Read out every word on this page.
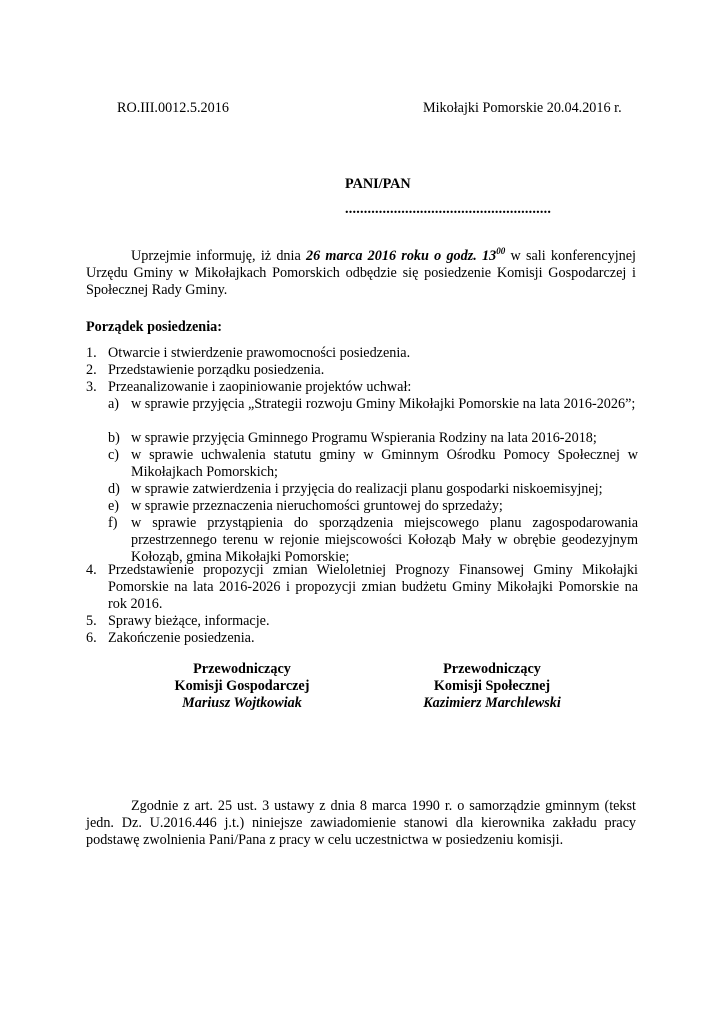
RO.III.0012.5.2016	Mikołajki Pomorskie 20.04.2016 r.
PANI/PAN
.......................................................
Uprzejmie informuję, iż dnia 26 marca 2016 roku o godz. $13^{00}$ w sali konferencyjnej Urzędu Gminy w Mikołajkach Pomorskich odbędzie się posiedzenie Komisji Gospodarczej i Społecznej Rady Gminy.
Porządek posiedzenia:
1. Otwarcie i stwierdzenie prawomocności posiedzenia.
2. Przedstawienie porządku posiedzenia.
3. Przeanalizowanie i zaopiniowanie projektów uchwał:
a) w sprawie przyjęcia „Strategii rozwoju Gminy Mikołajki Pomorskie na lata 2016-2026”;
b) w sprawie przyjęcia Gminnego Programu Wspierania Rodziny na lata 2016-2018;
c) w sprawie uchwalenia statutu gminy w Gminnym Ośrodku Pomocy Społecznej w Mikołajkach Pomorskich;
d) w sprawie zatwierdzenia i przyjęcia do realizacji planu gospodarki niskoemisyjnej;
e) w sprawie przeznaczenia nieruchomości gruntowej do sprzedaży;
f) w sprawie przystąpienia do sporządzenia miejscowego planu zagospodarowania przestrzennego terenu w rejonie miejscowości Kołoząb Mały w obrębie geodezyjnym Kołoząb, gmina Mikołajki Pomorskie;
4. Przedstawienie propozycji zmian Wieloletniej Prognozy Finansowej Gminy Mikołajki Pomorskie na lata 2016-2026 i propozycji zmian budżetu Gminy Mikołajki Pomorskie na rok 2016.
5. Sprawy bieżące, informacje.
6. Zakończenie posiedzenia.
Przewodniczący
Komisji Gospodarczej
Mariusz Wojtkowiak
Przewodniczący
Komisji Społecznej
Kazimierz Marchlewski
Zgodnie z art. 25 ust. 3 ustawy z dnia 8 marca 1990 r. o samorządzie gminnym (tekst jedn. Dz. U.2016.446 j.t.) niniejsze zawiadomienie stanowi dla kierownika zakładu pracy podstawę zwolnienia Pani/Pana z pracy w celu uczestnictwa w posiedzeniu komisji.
